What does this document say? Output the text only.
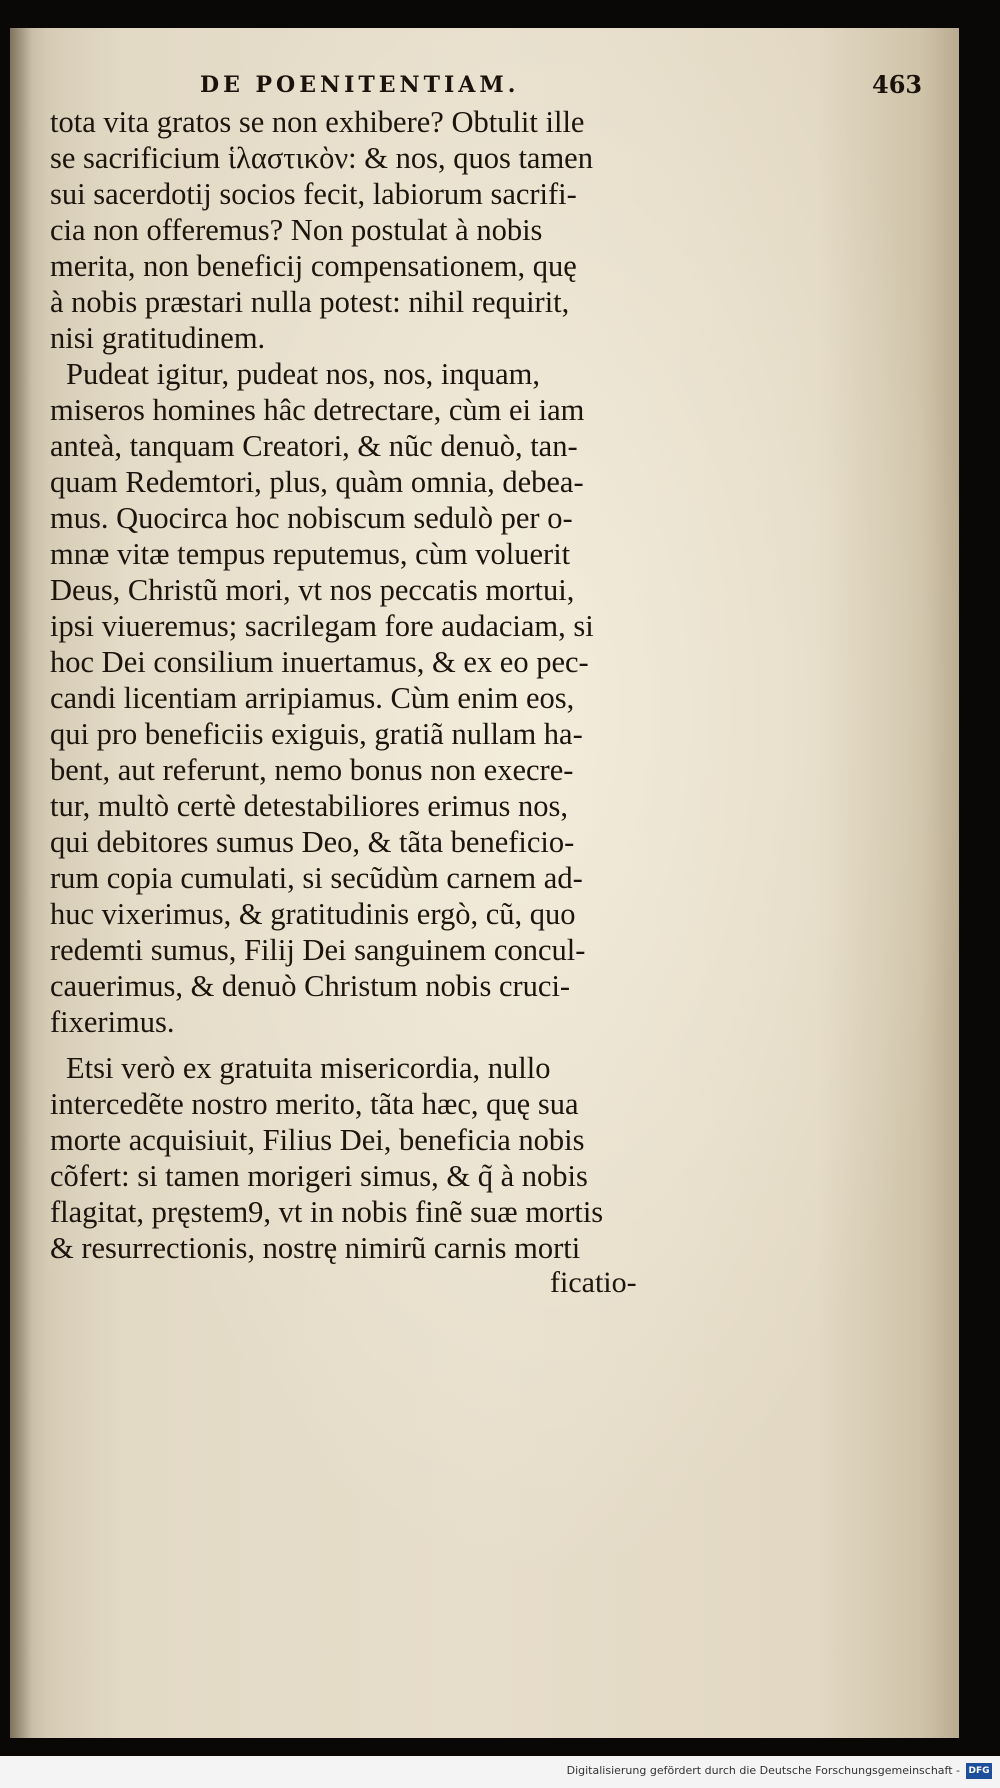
DE POENITENTIAM.	463
tota vita gratos se non exhibere? Obtulit ille
se sacrificium ἱλαστικὸν: & nos, quos tamen
sui sacerdotij socios fecit, labiorum sacrifi-
cia non offeremus? Non postulat à nobis
merita, non beneficij compensationem, quę
à nobis præstari nulla potest: nihil requirit,
nisi gratitudinem.
Pudeat igitur, pudeat nos, nos, inquam,
miseros homines hâc detrectare, cùm ei iam
anteà, tanquam Creatori, & nũc denuò, tan-
quam Redemtori, plus, quàm omnia, debea-
mus. Quocirca hoc nobiscum sedulò per o-
mnæ vitæ tempus reputemus, cùm voluerit
Deus, Christũ mori, vt nos peccatis mortui,
ipsi viueremus; sacrilegam fore audaciam, si
hoc Dei consilium inuertamus, & ex eo pec-
candi licentiam arripiamus. Cùm enim eos,
qui pro beneficiis exiguis, gratiã nullam ha-
bent, aut referunt, nemo bonus non execre-
tur, multò certè detestabiliores erimus nos,
qui debitores sumus Deo, & tãta beneficio-
rum copia cumulati, si secũdùm carnem ad-
huc vixerimus, & gratitudinis ergò, cũ, quo
redemti sumus, Filij Dei sanguinem concul-
cauerimus, & denuò Christum nobis cruci-
fixerimus.
Etsi verò ex gratuita misericordia, nullo
intercedẽte nostro merito, tãta hæc, quę sua
morte acquisiuit, Filius Dei, beneficia nobis
cõfert: si tamen morigeri simus, & q̃ à nobis
flagitat, pręstem9, vt in nobis finẽ suæ mortis
& resurrectionis, nostrę nimirũ carnis morti
ficatio-
Digitalisierung gefördert durch die Deutsche Forschungsgemeinschaft - DFG
